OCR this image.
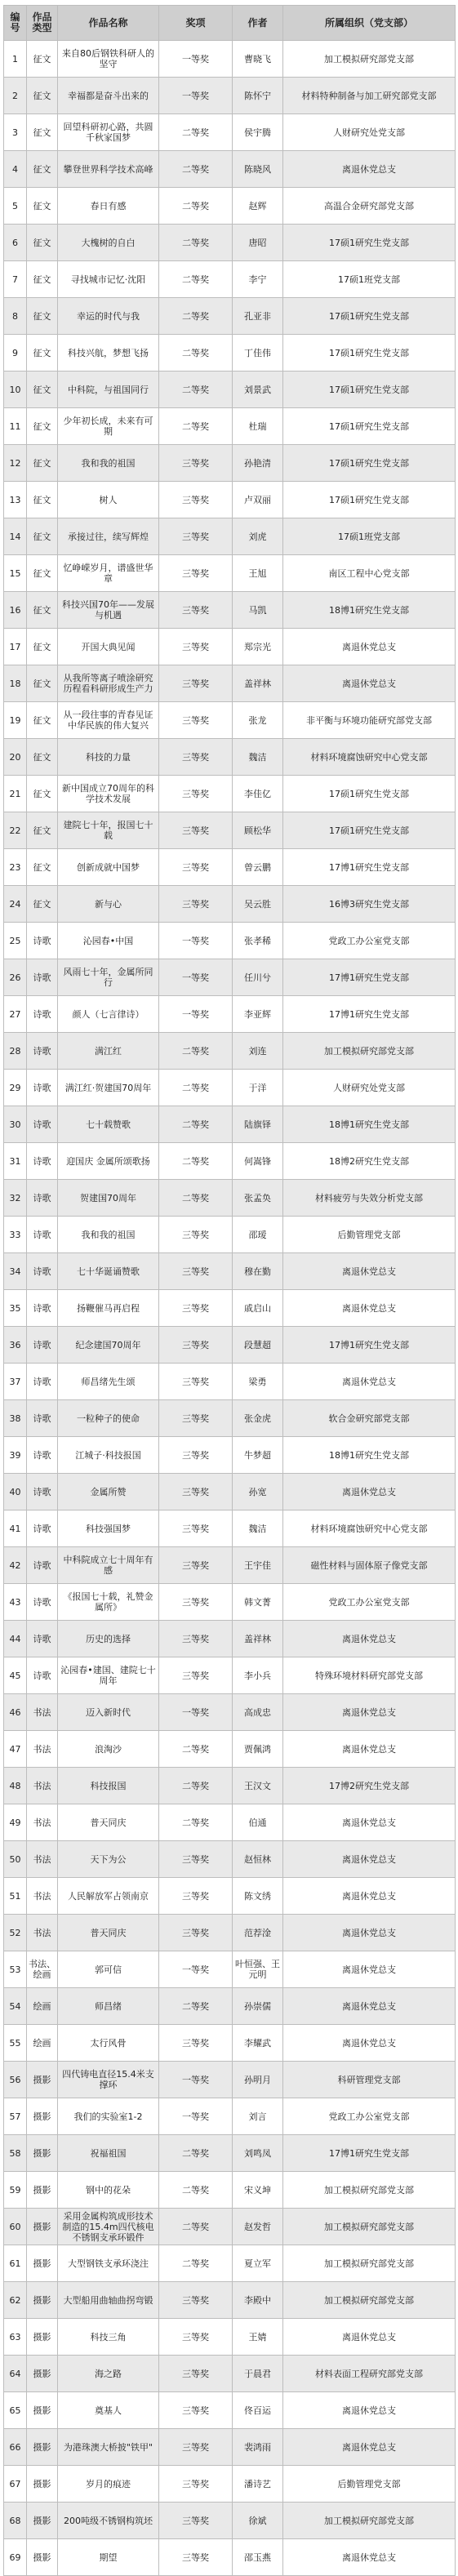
编号	作品类型	作品名称	奖项	作者	所属组织（党支部）
1	征文	来自80后钢铁科研人的坚守	一等奖	曹晓飞	加工模拟研究部党支部
2	征文	幸福都是奋斗出来的	一等奖	陈怀宁	材料特种制备与加工研究部党支部
3	征文	回望科研初心路，共圆千秋家国梦	二等奖	侯宇腾	人财研究处党支部
4	征文	攀登世界科学技术高峰	二等奖	陈晓风	离退休党总支
5	征文	春日有感	二等奖	赵辉	高温合金研究部党支部
6	征文	大槐树的自白	二等奖	唐昭	17硕1研究生党支部
7	征文	寻找城市记忆·沈阳	二等奖	李宁	17硕1班党支部
8	征文	幸运的时代与我	二等奖	孔亚非	17硕1研究生党支部
9	征文	科技兴航，梦想飞扬	二等奖	丁佳伟	17硕1研究生党支部
10	征文	中科院，与祖国同行	二等奖	刘景武	17硕1研究生党支部
11	征文	少年初长成，未来有可期	二等奖	杜瑞	17硕1研究生党支部
12	征文	我和我的祖国	三等奖	孙艳清	17硕1研究生党支部
13	征文	树人	三等奖	卢双丽	17硕1研究生党支部
14	征文	承接过往，续写辉煌	三等奖	刘虎	17硕1班党支部
15	征文	忆峥嵘岁月，谱盛世华章	三等奖	王旭	南区工程中心党支部
16	征文	科技兴国70年——发展与机遇	三等奖	马凯	18博1研究生党支部
17	征文	开国大典见闻	三等奖	郑宗光	离退休党总支
18	征文	从我所等离子喷涂研究历程看科研形成生产力	三等奖	盖祥林	离退休党总支
19	征文	从一段往事的青春见证中华民族的伟大复兴	三等奖	张龙	非平衡与环境功能研究部党支部
20	征文	科技的力量	三等奖	魏洁	材料环境腐蚀研究中心党支部
21	征文	新中国成立70周年的科学技术发展	三等奖	李佳亿	17硕1研究生党支部
22	征文	建院七十年，报国七十载	三等奖	顾松华	17硕1研究生党支部
23	征文	创新成就中国梦	三等奖	曾云鹏	17博1研究生党支部
24	征文	新与心	三等奖	吴云胜	16博3研究生党支部
25	诗歌	沁园春•中国	一等奖	张孝稀	党政工办公室党支部
26	诗歌	风雨七十年，金属所同行	一等奖	任川兮	17博1研究生党支部
27	诗歌	颜人（七言律诗）	一等奖	李亚辉	17博1研究生党支部
28	诗歌	满江红	二等奖	刘连	加工模拟研究部党支部
29	诗歌	满江红·贺建国70周年	二等奖	于洋	人财研究处党支部
30	诗歌	七十载赞歌	二等奖	陆旗铎	18博1研究生党支部
31	诗歌	迎国庆 金属所颂歌扬	二等奖	何嵩锋	18博2研究生党支部
32	诗歌	贺建国70周年	二等奖	张孟奂	材料疲劳与失效分析党支部
33	诗歌	我和我的祖国	三等奖	邵瑷	后勤管理党支部
34	诗歌	七十华诞诵赞歌	三等奖	穆在勤	离退休党总支
35	诗歌	扬鞭催马再启程	三等奖	戚启山	离退休党总支
36	诗歌	纪念建国70周年	三等奖	段慧超	17博1研究生党支部
37	诗歌	师昌绪先生颂	三等奖	梁勇	离退休党总支
38	诗歌	一粒种子的使命	三等奖	张金虎	软合金研究部党支部
39	诗歌	江城子·科技报国	三等奖	牛梦超	18博1研究生党支部
40	诗歌	金属所赞	三等奖	孙宽	离退休党总支
41	诗歌	科技强国梦	三等奖	魏洁	材料环境腐蚀研究中心党支部
42	诗歌	中科院成立七十周年有感	三等奖	王宇佳	磁性材料与固体原子像党支部
43	诗歌	《报国七十载，礼赞金属所》	三等奖	韩文菁	党政工办公室党支部
44	诗歌	历史的选择	三等奖	盖祥林	离退休党总支
45	诗歌	沁园春•建国、建院七十周年	三等奖	李小兵	特殊环境材料研究部党支部
46	书法	迈入新时代	一等奖	高成忠	离退休党总支
47	书法	浪淘沙	二等奖	贾佩鸿	离退休党总支
48	书法	科技报国	二等奖	王汉文	17博2研究生党支部
49	书法	普天同庆	二等奖	伯通	离退休党总支
50	书法	天下为公	三等奖	赵恒林	离退休党总支
51	书法	人民解放军占领南京	三等奖	陈文绣	离退休党总支
52	书法	普天同庆	三等奖	范荐淦	离退休党总支
53	书法、绘画	郭可信	一等奖	叶恒强、王元明	离退休党总支
54	绘画	师昌绪	二等奖	孙崇儒	离退休党总支
55	绘画	太行风骨	三等奖	李耀武	离退休党总支
56	摄影	四代铸电直径15.4米支撑环	一等奖	孙明月	科研管理党支部
57	摄影	我们的实验室1-2	一等奖	刘言	党政工办公室党支部
58	摄影	祝福祖国	二等奖	刘鸣凤	17博1研究生党支部
59	摄影	钢中的花朵	二等奖	宋义坤	加工模拟研究部党支部
60	摄影	采用金属构筑成形技术制造的15.4m四代核电不锈钢支承环锻件	二等奖	赵发哲	加工模拟研究部党支部
61	摄影	大型钢铁支承环浇注	二等奖	夏立军	加工模拟研究部党支部
62	摄影	大型船用曲轴曲拐弯锻	三等奖	李殿中	加工模拟研究部党支部
63	摄影	科技三角	三等奖	王婧	离退休党总支
64	摄影	海之路	三等奖	于晨君	材料表面工程研究部党支部
65	摄影	奠基人	三等奖	佟百运	离退休党总支
66	摄影	为港珠澳大桥披"铁甲"	三等奖	裴鸿雨	离退休党总支
67	摄影	岁月的痕迹	三等奖	潘诗艺	后勤管理党支部
68	摄影	200吨级不锈钢构筑坯	三等奖	徐斌	加工模拟研究部党支部
69	摄影	期望	三等奖	邵玉燕	离退休党总支
